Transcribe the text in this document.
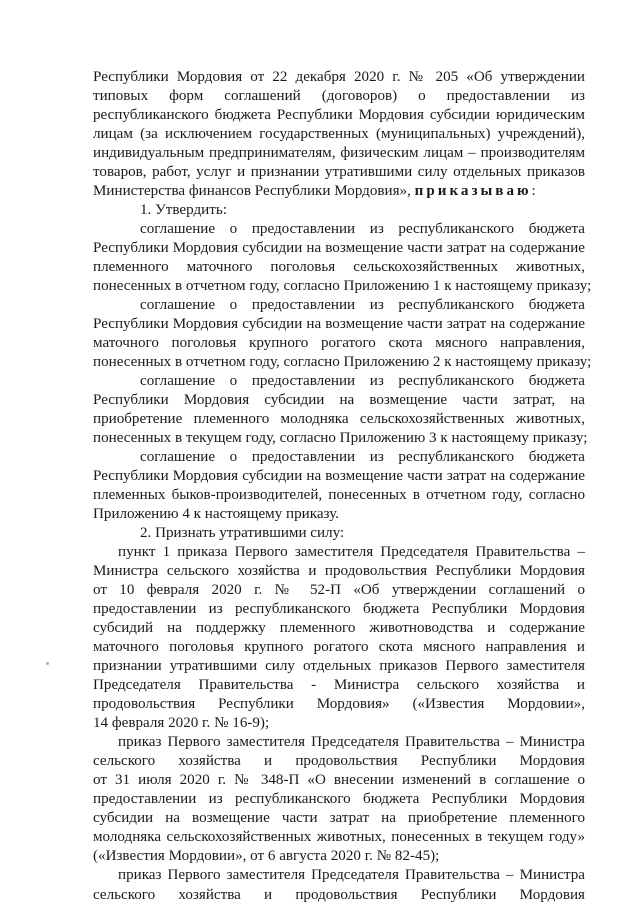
Республики Мордовия от 22 декабря 2020 г. № 205 «Об утверждении
типовых форм соглашений (договоров) о предоставлении из
республиканского бюджета Республики Мордовия субсидии юридическим
лицам (за исключением государственных (муниципальных) учреждений),
индивидуальным предпринимателям, физическим лицам – производителям
товаров, работ, услуг и признании утратившими силу отдельных приказов
Министерства финансов Республики Мордовия», приказываю:
1. Утвердить:
соглашение о предоставлении из республиканского бюджета
Республики Мордовия субсидии на возмещение части затрат на содержание
племенного маточного поголовья сельскохозяйственных животных,
понесенных в отчетном году, согласно Приложению 1 к настоящему приказу;
соглашение о предоставлении из республиканского бюджета
Республики Мордовия субсидии на возмещение части затрат на содержание
маточного поголовья крупного рогатого скота мясного направления,
понесенных в отчетном году, согласно Приложению 2 к настоящему приказу;
соглашение о предоставлении из республиканского бюджета
Республики Мордовия субсидии на возмещение части затрат, на
приобретение племенного молодняка сельскохозяйственных животных,
понесенных в текущем году, согласно Приложению 3 к настоящему приказу;
соглашение о предоставлении из республиканского бюджета
Республики Мордовия субсидии на возмещение части затрат на содержание
племенных быков-производителей, понесенных в отчетном году, согласно
Приложению 4 к настоящему приказу.
2. Признать утратившими силу:
пункт 1 приказа Первого заместителя Председателя Правительства –
Министра сельского хозяйства и продовольствия Республики Мордовия
от 10 февраля 2020 г. № 52-П «Об утверждении соглашений о
предоставлении из республиканского бюджета Республики Мордовия
субсидий на поддержку племенного животноводства и содержание
маточного поголовья крупного рогатого скота мясного направления и
признании утратившими силу отдельных приказов Первого заместителя
Председателя Правительства - Министра сельского хозяйства и
продовольствия Республики Мордовия» («Известия Мордовии»,
14 февраля 2020 г. № 16-9);
приказ Первого заместителя Председателя Правительства – Министра
сельского хозяйства и продовольствия Республики Мордовия
от 31 июля 2020 г. № 348-П «О внесении изменений в соглашение о
предоставлении из республиканского бюджета Республики Мордовия
субсидии на возмещение части затрат на приобретение племенного
молодняка сельскохозяйственных животных, понесенных в текущем году»
(«Известия Мордовии», от 6 августа 2020 г. № 82-45);
приказ Первого заместителя Председателя Правительства – Министра
сельского хозяйства и продовольствия Республики Мордовия
